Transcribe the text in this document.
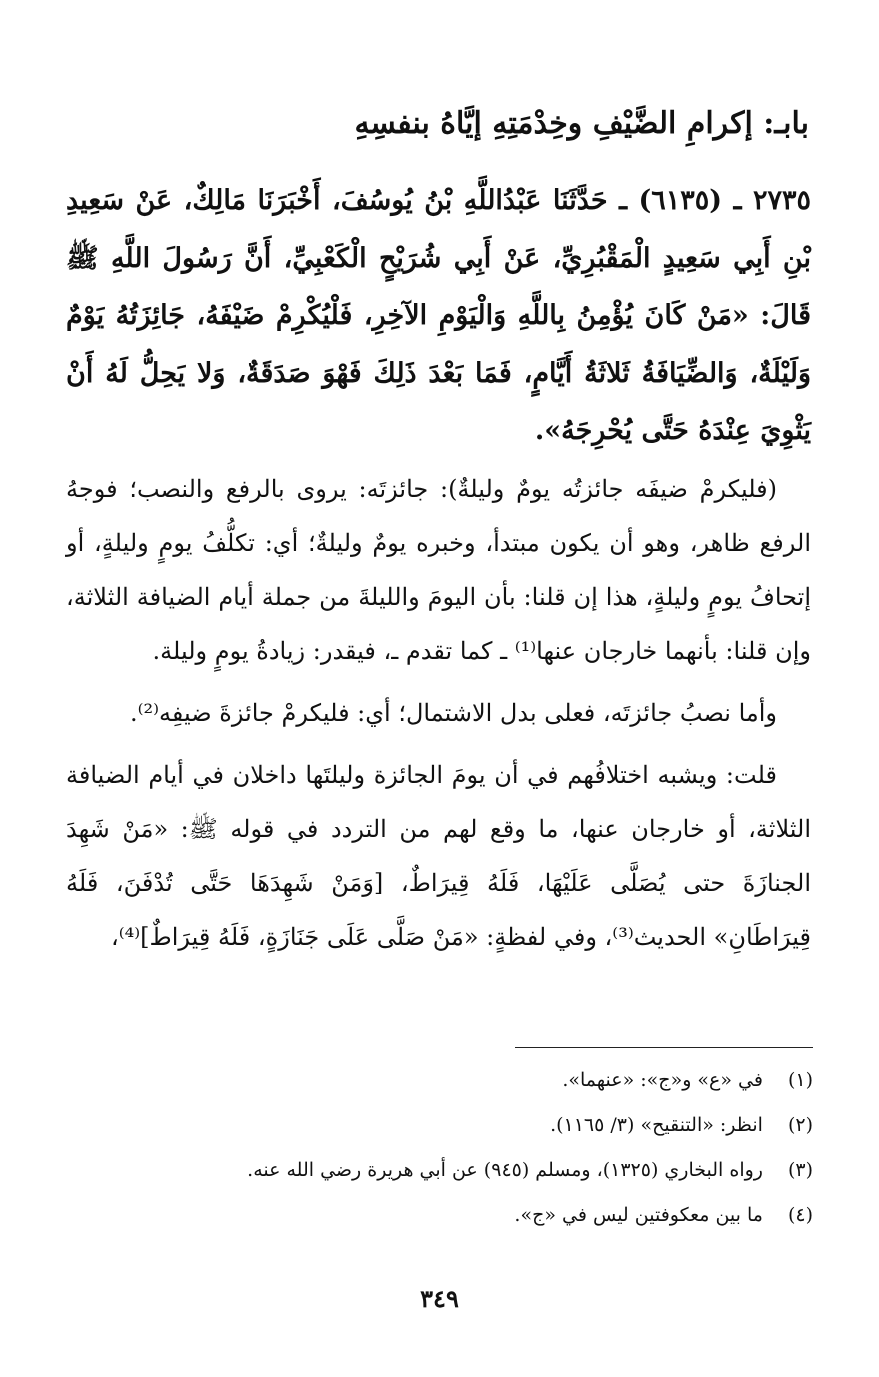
بابـ: إكرامِ الضَّيْفِ وخِدْمَتِهِ إيَّاهُ بنفسِهِ
٢٧٣٥ ـ (٦١٣٥) ـ حَدَّثَنَا عَبْدُاللَّهِ بْنُ يُوسُفَ، أَخْبَرَنَا مَالِكٌ، عَنْ سَعِيدِ بْنِ أَبِي سَعِيدٍ الْمَقْبُرِيِّ، عَنْ أَبِي شُرَيْحٍ الْكَعْبِيِّ، أَنَّ رَسُولَ اللَّهِ ﷺ قَالَ: «مَنْ كَانَ يُؤْمِنُ بِاللَّهِ وَالْيَوْمِ الآخِرِ، فَلْيُكْرِمْ ضَيْفَهُ، جَائِزَتُهُ يَوْمٌ وَلَيْلَةٌ، وَالضِّيَافَةُ ثَلاثَةُ أَيَّامٍ، فَمَا بَعْدَ ذَلِكَ فَهْوَ صَدَقَةٌ، وَلا يَحِلُّ لَهُ أَنْ يَثْوِيَ عِنْدَهُ حَتَّى يُحْرِجَهُ».

(فليكرمْ ضيفَه جائزتُه يومٌ وليلةٌ): جائزتَه: يروى بالرفع والنصب؛ فوجهُ الرفع ظاهر، وهو أن يكون مبتدأ، وخبره يومٌ وليلةٌ؛ أي: تكلُّفُ يومٍ وليلةٍ، أو إتحافُ يومٍ وليلةٍ، هذا إن قلنا: بأن اليومَ والليلةَ من جملة أيام الضيافة الثلاثة، وإن قلنا: بأنهما خارجان عنها⁽¹⁾ ـ كما تقدم ـ، فيقدر: زيادةُ يومٍ وليلة.

وأما نصبُ جائزتَه، فعلى بدل الاشتمال؛ أي: فليكرمْ جائزةَ ضيفِه⁽²⁾.

قلت: ويشبه اختلافُهم في أن يومَ الجائزة وليلتَها داخلان في أيام الضيافة الثلاثة، أو خارجان عنها، ما وقع لهم من التردد في قوله ﷺ: «مَنْ شَهِدَ الجنازَةَ حتى يُصَلَّى عَلَيْهَا، فَلَهُ قِيرَاطٌ، [وَمَنْ شَهِدَهَا حَتَّى تُدْفَنَ، فَلَهُ قِيرَاطَانِ» الحديث⁽³⁾، وفي لفظةٍ: «مَنْ صَلَّى عَلَى جَنَازَةٍ، فَلَهُ قِيرَاطٌ]⁽⁴⁾،

(١) في «ع» و«ج»: «عنهما».
(٢) انظر: «التنقيح» (٣/ ١١٦٥).
(٣) رواه البخاري (١٣٢٥)، ومسلم (٩٤٥) عن أبي هريرة رضي الله عنه.
(٤) ما بين معكوفتين ليس في «ج».
٣٤٩
